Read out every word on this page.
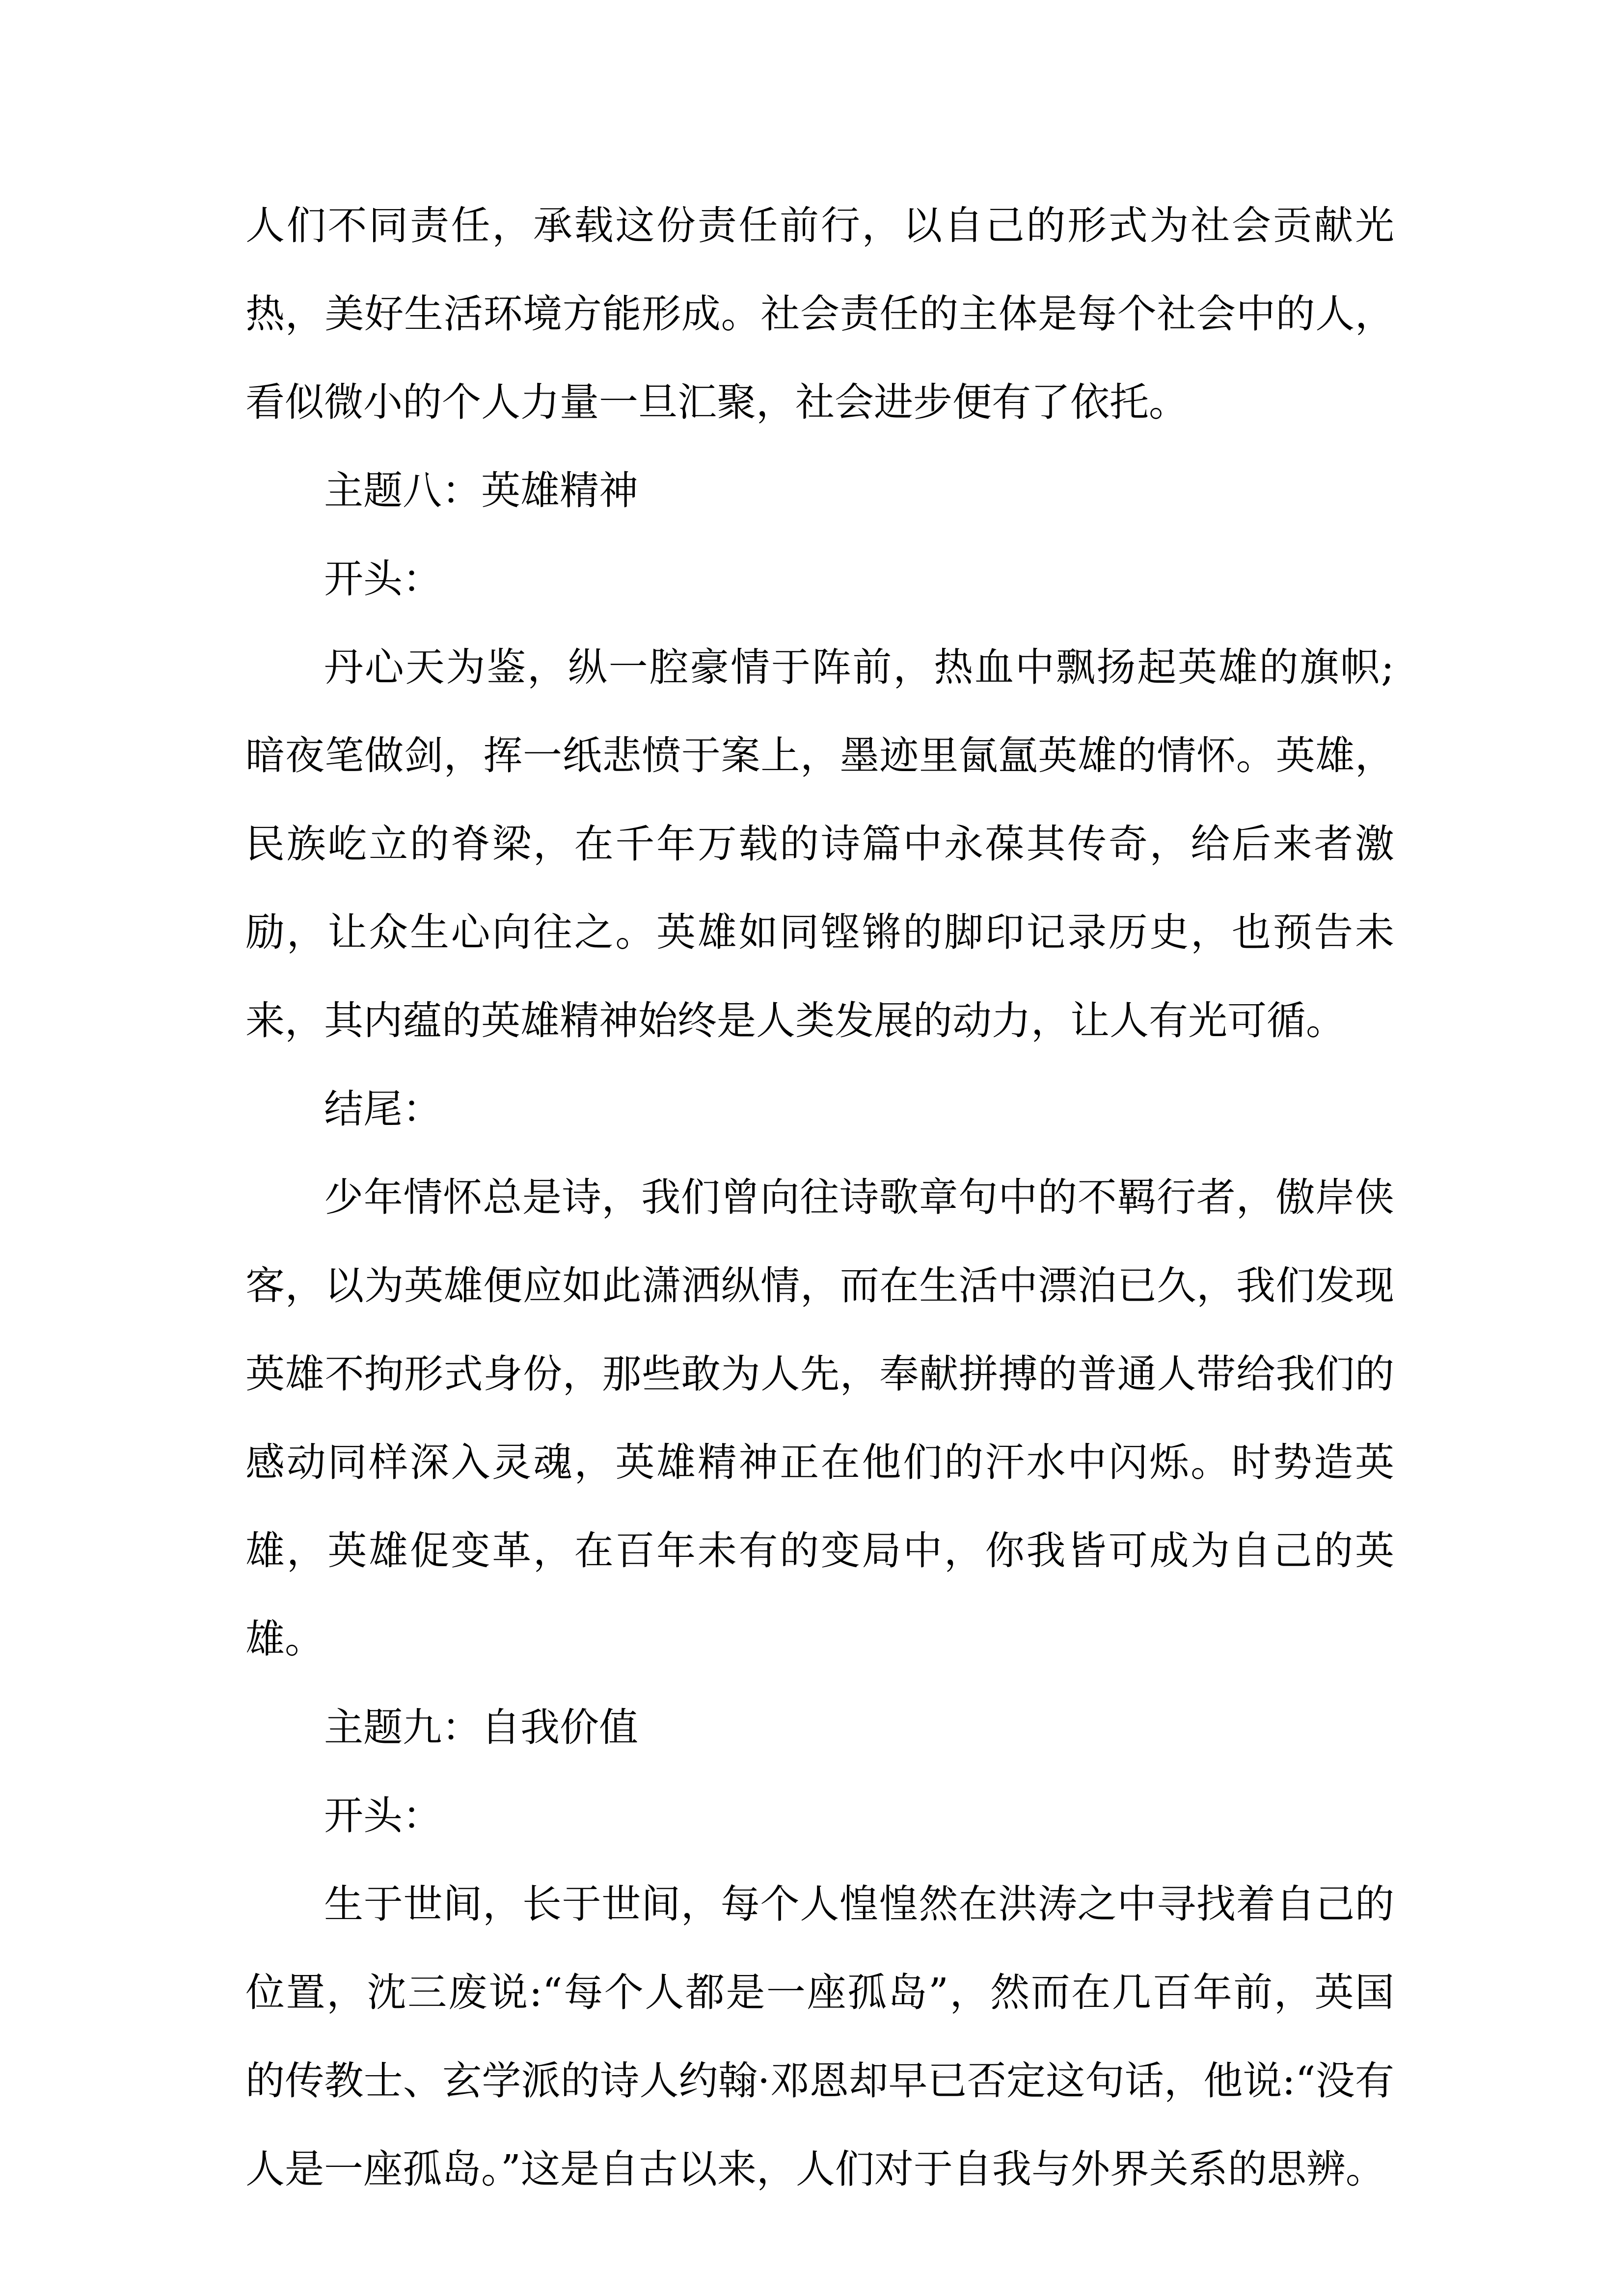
人们不同责任，承载这份责任前行，以自己的形式为社会贡献光热，美好生活环境方能形成。社会责任的主体是每个社会中的人，看似微小的个人力量一旦汇聚，社会进步便有了依托。

主题八：英雄精神

开头：

丹心天为鉴，纵一腔豪情于阵前，热血中飘扬起英雄的旗帜;暗夜笔做剑，挥一纸悲愤于案上，墨迹里氤氲英雄的情怀。英雄，民族屹立的脊梁，在千年万载的诗篇中永葆其传奇，给后来者激励，让众生心向往之。英雄如同铿锵的脚印记录历史，也预告未来，其内蕴的英雄精神始终是人类发展的动力，让人有光可循。

结尾：

少年情怀总是诗，我们曾向往诗歌章句中的不羁行者，傲岸侠客，以为英雄便应如此潇洒纵情，而在生活中漂泊已久，我们发现英雄不拘形式身份，那些敢为人先，奉献拼搏的普通人带给我们的感动同样深入灵魂，英雄精神正在他们的汗水中闪烁。时势造英雄，英雄促变革，在百年未有的变局中，你我皆可成为自己的英雄。

主题九：自我价值

开头：

生于世间，长于世间，每个人惶惶然在洪涛之中寻找着自己的位置，沈三废说:“每个人都是一座孤岛”，然而在几百年前，英国的传教士、玄学派的诗人约翰·邓恩却早已否定这句话，他说:“没有人是一座孤岛。”这是自古以来，人们对于自我与外界关系的思辨。
